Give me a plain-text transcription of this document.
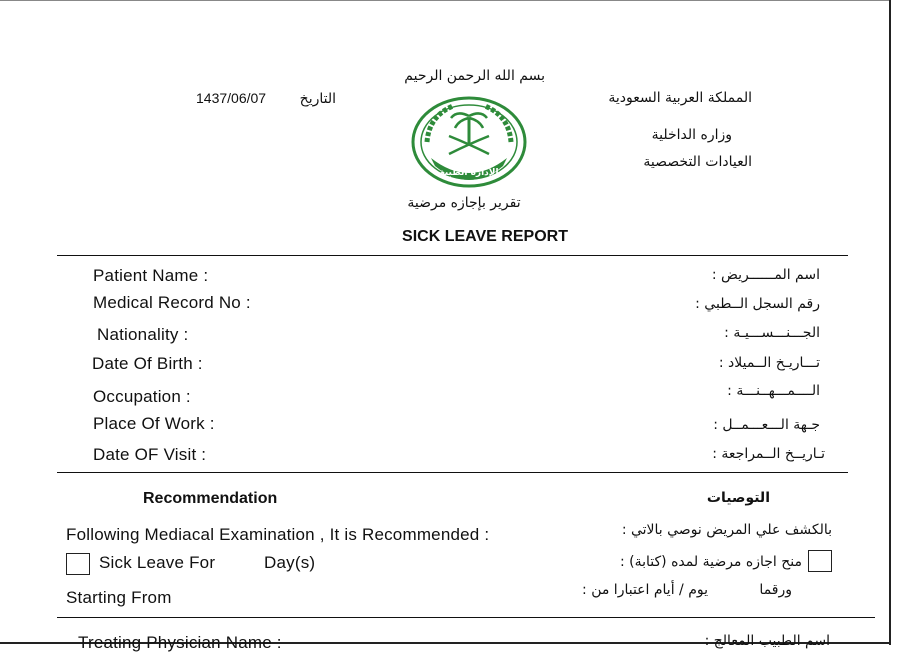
بسم الله الرحمن الرحيم
1437/06/07	التاريخ	المملكة العربية السعودية
وزاره الداخلية
العيادات التخصصية
الإدارة الطبية
تقرير بإجازه مرضية
SICK LEAVE REPORT
Patient Name :	اسم المــــــريض :
Medical Record No :	رقم السجل الــطبي :
Nationality :	الجـــنـــســـيـة :
Date Of Birth :	تـــاريـخ الــميلاد :
Occupation :	الــــمـــهــنـــة :
Place Of Work :	جـهة الـــعـــمــل :
Date OF Visit :	تـاريــخ الــمراجعة :
Recommendation	التوصيات
Following Mediacal Examination , It is Recommended :	بالكشف علي المريض نوصي بالاتي :
Sick Leave For	Day(s)	منح اجازه مرضية لمده (كتابة) :
Starting From	يوم / أيام اعتبارا من :	ورقما
Treating Physician Name :	اسم الطبيب المعالج :
